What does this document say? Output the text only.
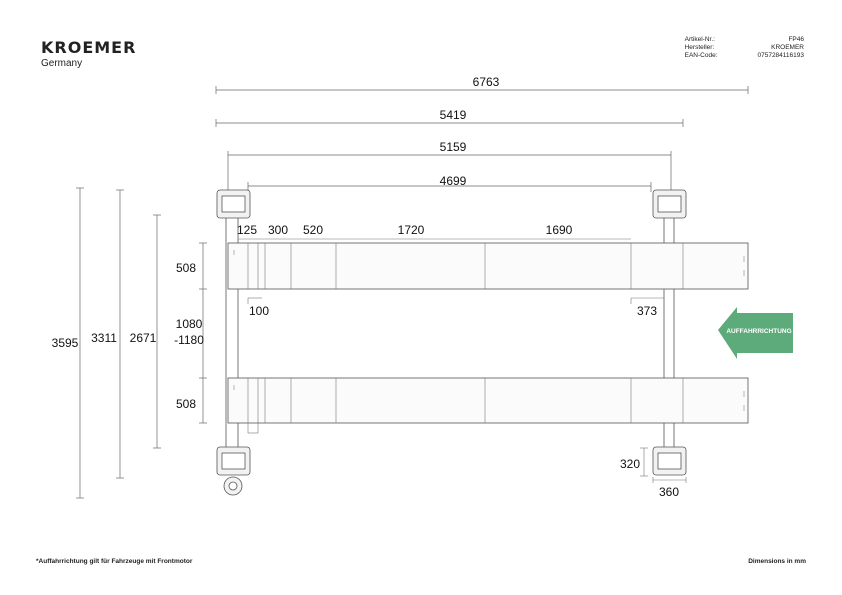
KROEMER
Germany
Artikel-Nr.:	FP46
Hersteller:	KROEMER
EAN-Code:	0757284116193
AUFFAHRRICHTUNG
6763
5419
5159
4699
125 300 520	1720	1690
508
1080
-1180
508
100	373
3595 3311 2671
320
360
*Auffahrrichtung gilt für Fahrzeuge mit Frontmotor	Dimensions in mm
